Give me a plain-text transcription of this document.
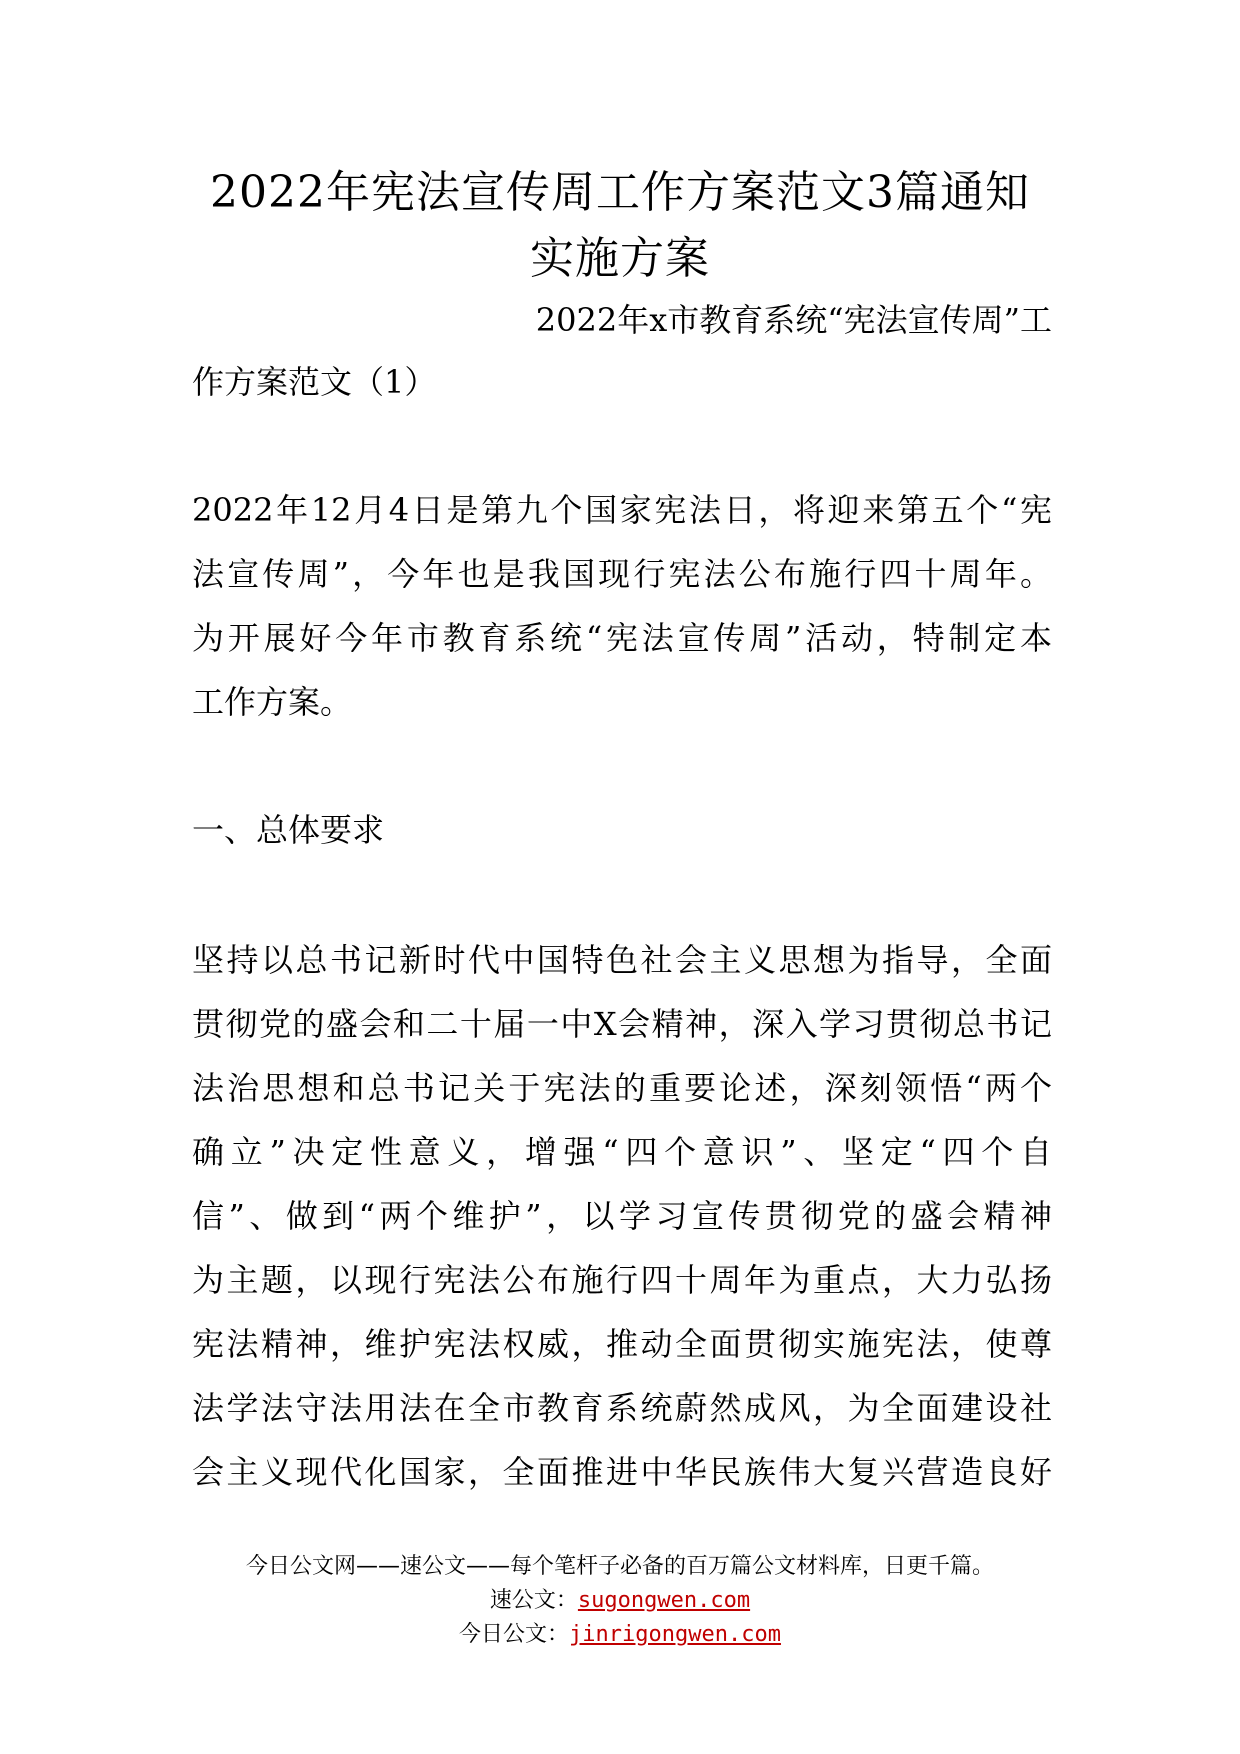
2022年宪法宣传周工作方案范文3篇通知
实施方案

2022年x市教育系统“宪法宣传周”工

作方案范文（1）

2022年12月4日是第九个国家宪法日，将迎来第五个“宪

法宣传周”，今年也是我国现行宪法公布施行四十周年。

为开展好今年市教育系统“宪法宣传周”活动，特制定本

工作方案。

一、总体要求

坚持以总书记新时代中国特色社会主义思想为指导，全面

贯彻党的盛会和二十届一中X会精神，深入学习贯彻总书记

法治思想和总书记关于宪法的重要论述，深刻领悟“两个

确立”决定性意义，增强“四个意识”、坚定“四个自

信”、做到“两个维护”，以学习宣传贯彻党的盛会精神

为主题，以现行宪法公布施行四十周年为重点，大力弘扬

宪法精神，维护宪法权威，推动全面贯彻实施宪法，使尊

法学法守法用法在全市教育系统蔚然成风，为全面建设社

会主义现代化国家，全面推进中华民族伟大复兴营造良好

今日公文网——速公文——每个笔杆子必备的百万篇公文材料库，日更千篇。

速公文：sugongwen.com

今日公文：jinrigongwen.com
